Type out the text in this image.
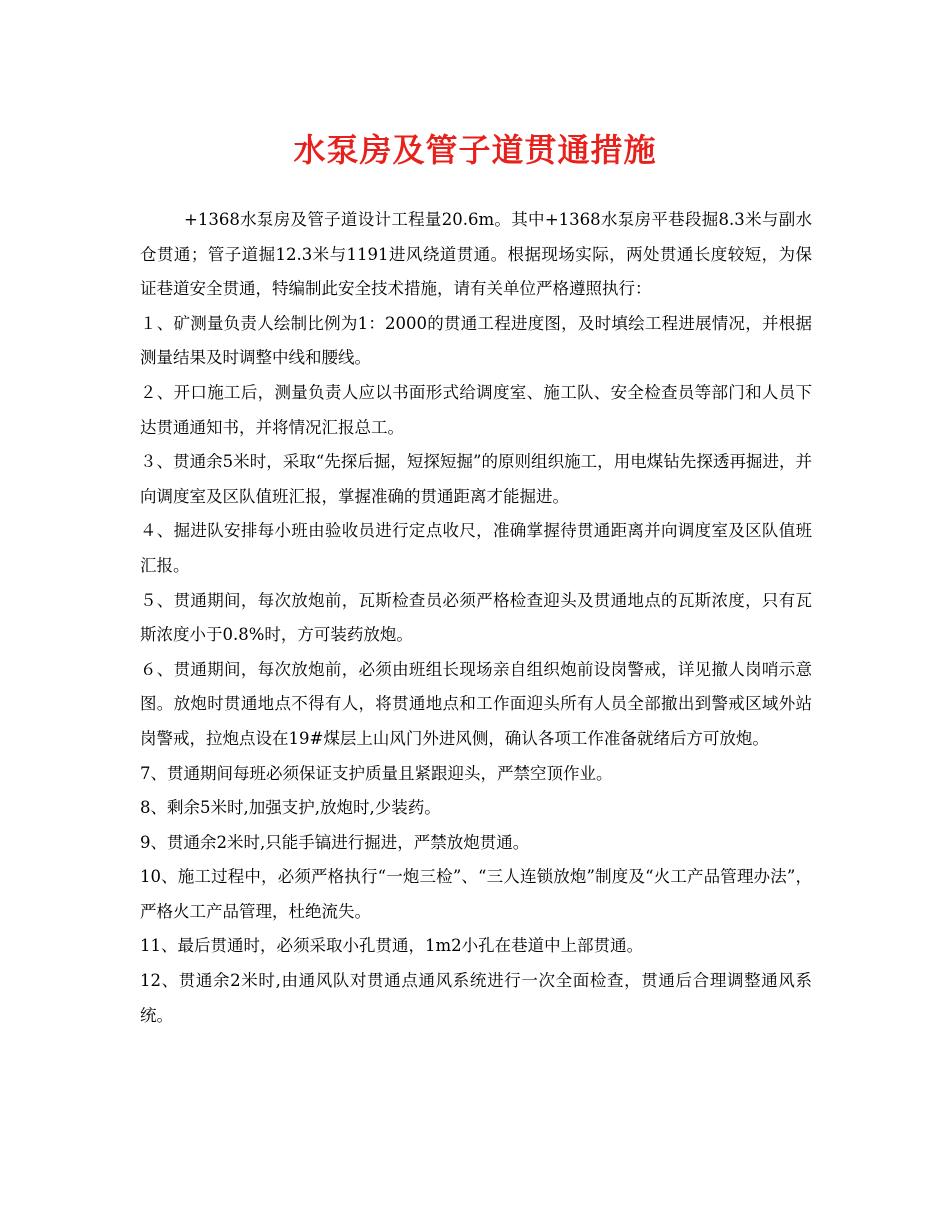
水泵房及管子道贯通措施

+1368水泵房及管子道设计工程量20.6m。其中+1368水泵房平巷段掘8.3米与副水仓贯通；管子道掘12.3米与1191进风绕道贯通。根据现场实际，两处贯通长度较短，为保证巷道安全贯通，特编制此安全技术措施，请有关单位严格遵照执行：

１、矿测量负责人绘制比例为1：2000的贯通工程进度图，及时填绘工程进展情况，并根据测量结果及时调整中线和腰线。

２、开口施工后，测量负责人应以书面形式给调度室、施工队、安全检查员等部门和人员下达贯通通知书，并将情况汇报总工。

３、贯通余5米时，采取“先探后掘，短探短掘”的原则组织施工，用电煤钻先探透再掘进，并向调度室及区队值班汇报，掌握准确的贯通距离才能掘进。

４、掘进队安排每小班由验收员进行定点收尺，准确掌握待贯通距离并向调度室及区队值班汇报。

５、贯通期间，每次放炮前，瓦斯检查员必须严格检查迎头及贯通地点的瓦斯浓度，只有瓦斯浓度小于0.8%时，方可装药放炮。

６、贯通期间，每次放炮前，必须由班组长现场亲自组织炮前设岗警戒，详见撤人岗哨示意图。放炮时贯通地点不得有人，将贯通地点和工作面迎头所有人员全部撤出到警戒区域外站岗警戒，拉炮点设在19#煤层上山风门外进风侧，确认各项工作准备就绪后方可放炮。

7、贯通期间每班必须保证支护质量且紧跟迎头，严禁空顶作业。

8、剩余5米时,加强支护,放炮时,少装药。

9、贯通余2米时,只能手镐进行掘进，严禁放炮贯通。

10、施工过程中，必须严格执行“一炮三检”、“三人连锁放炮”制度及“火工产品管理办法”，严格火工产品管理，杜绝流失。

11、最后贯通时，必须采取小孔贯通，1m2小孔在巷道中上部贯通。

12、贯通余2米时,由通风队对贯通点通风系统进行一次全面检查，贯通后合理调整通风系统。
